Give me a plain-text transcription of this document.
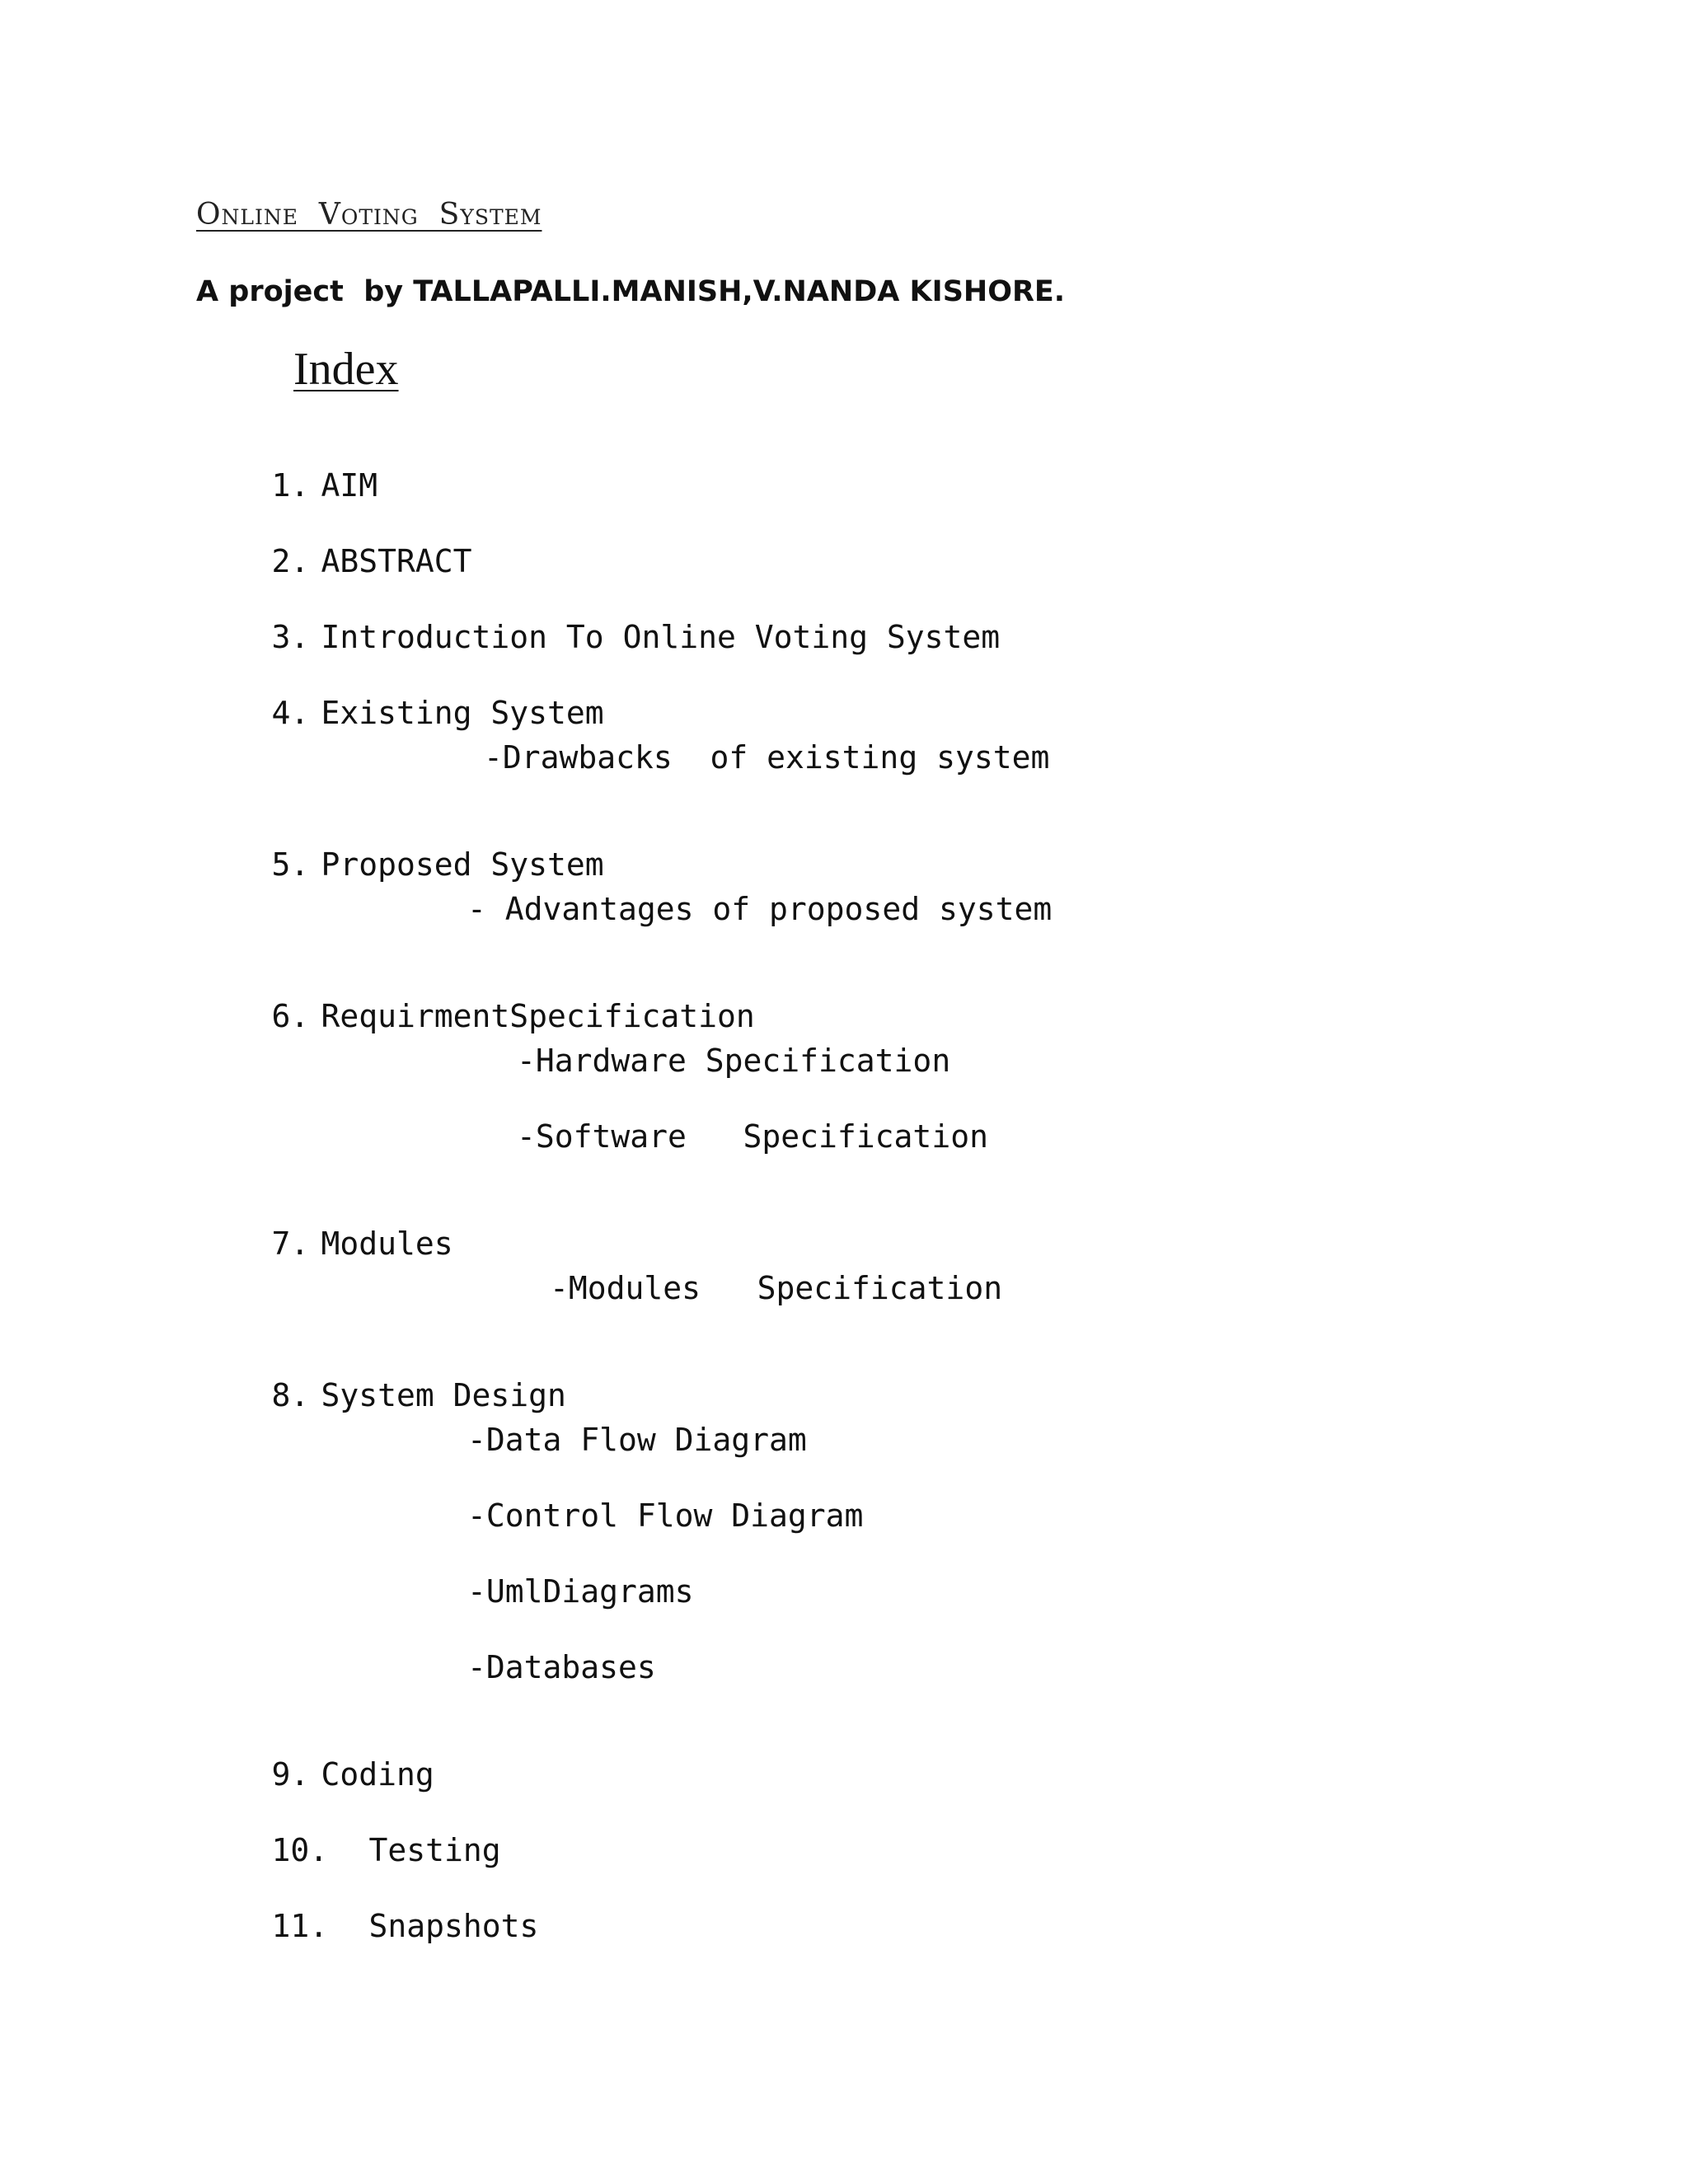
Online  Voting  System
A project  by TALLAPALLI.MANISH,V.NANDA KISHORE.
Index

1. AIM

2. ABSTRACT

3. Introduction To Online Voting System

4. Existing System

-Drawbacks  of existing system

5. Proposed System

- Advantages of proposed system

6. RequirmentSpecification

-Hardware Specification
-Software   Specification

7. Modules

-Modules   Specification

8. System Design

-Data Flow Diagram
-Control Flow Diagram
-UmlDiagrams
-Databases

9. Coding

10. Testing

11. Snapshots
